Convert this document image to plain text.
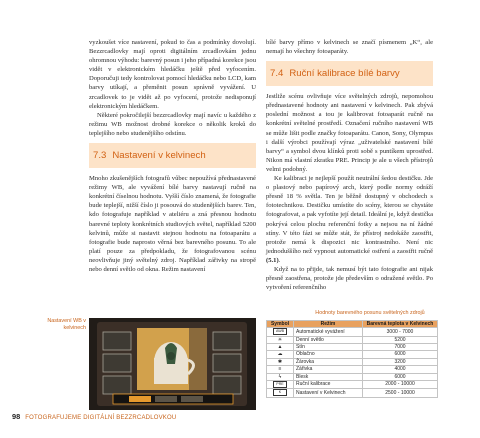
vyzkoušet více nastavení, pokud to čas a podmínky dovolují. Bezzrcadlovky mají oproti digitálním zrcadlovkám jednu ohromnou výhodu: barevný posun i jeho případná korekce jsou vidět v elektronickém hledáčku ještě před vyfocením. Doporučuji tedy kontrolovat pomocí hledáčku nebo LCD, kam barvy utíkají, a přeměnit posun správně vyvážení. U zrcadlovek to je vidět až po vyfocení, protože nedisponují elektronickým hledáčkem.

Některé pokročilejší bezzrcadlovky mají navíc u každého z režimu WB možnost drobné korekce o několik kroků do teplejšího nebo studenějšího odstínu.

7.3 Nastavení v kelvinech

Mnoho zkušenějších fotografů vůbec nepoužívá přednastavené režimy WB, ale vyvážení bílé barvy nastavují ručně na konkrétní číselnou hodnotu. Vyšší číslo znamená, že fotografie bude teplejší, nižší číslo ji posouvá do studenějších barev. Ten, kdo fotografuje například v ateliéru a zná přesnou hodnotu barevné teploty konkrétních studiových světel, například 5200 kelvinů, může si nastavit stejnou hodnotu na fotoaparátu a fotografie bude naprosto věrná bez barevného posunu. To ale platí pouze za předpokladu, že fotografovanou scénu neovlivňuje jiný světelný zdroj. Například zářivky na stropě nebo denní světlo od okna. Režim nastavení

bílé barvy přímo v kelvinech se značí písmenem „K“, ale nemají ho všechny fotoaparáty.

7.4 Ruční kalibrace bílé barvy

Jestliže scénu ovlivňuje více světelných zdrojů, nepomohou přednastavené hodnoty ani nastavení v kelvinech. Pak zbývá poslední možnost a tou je kalibrovat fotoaparát ručně na konkrétní světelné prostředí. Označení ručního nastavení WB se může lišit podle značky fotoaparátu. Canon, Sony, Olympus i další výrobci používají výraz „uživatelské nastavení bílé barvy“ a symbol dvou klínků proti sobě s puntíkem uprostřed. Nikon má vlastní zkratku PRE. Princip je ale u všech přístrojů velmi podobný.

Ke kalibraci je nejlepší použít neutrální šedou destičku. Jde o plastový nebo papírový arch, který podle normy odráží přesně 18 % světla. Ten je běžně dostupný v obchodech s fototechnikou. Destičku umístíte do scény, kterou se chystáte fotografovat, a pak vyfotíte její detail. Ideální je, když destička pokrývá celou plochu referenční fotky a nejsou na ní žádné stíny. V této fázi se může stát, že přístroj nedokáže zaostřit, protože nemá k dispozici nic kontrastního. Není nic jednoduššího než vypnout automatické ostření a zaostřit ručně (5.1).

Když na to přijde, tak nemusí být tato fotografie ani nijak přesně zaostřena, protože jde především o odražené světlo. Po vytvoření referenčního

Nastavení WB v kelvinech
Hodnoty barevného posunu světelných zdrojů
Symbol	Režim	Barevná teplota v Kelvinech
AWB	Automatické vyvážení	3000 - 7000
☀	Denní světlo	5200
▲	Stín	7000
☁	Oblačno	6000
✱	Žárovka	3200
≡	Zářivka	4000
ϟ	Blesk	6000
PRE	Ruční kalibrace	2000 - 10000
K	Nastavení v Kelvinech	2500 - 10000
98 FOTOGRAFUJEME DIGITÁLNÍ BEZZRCADLOVKOU
